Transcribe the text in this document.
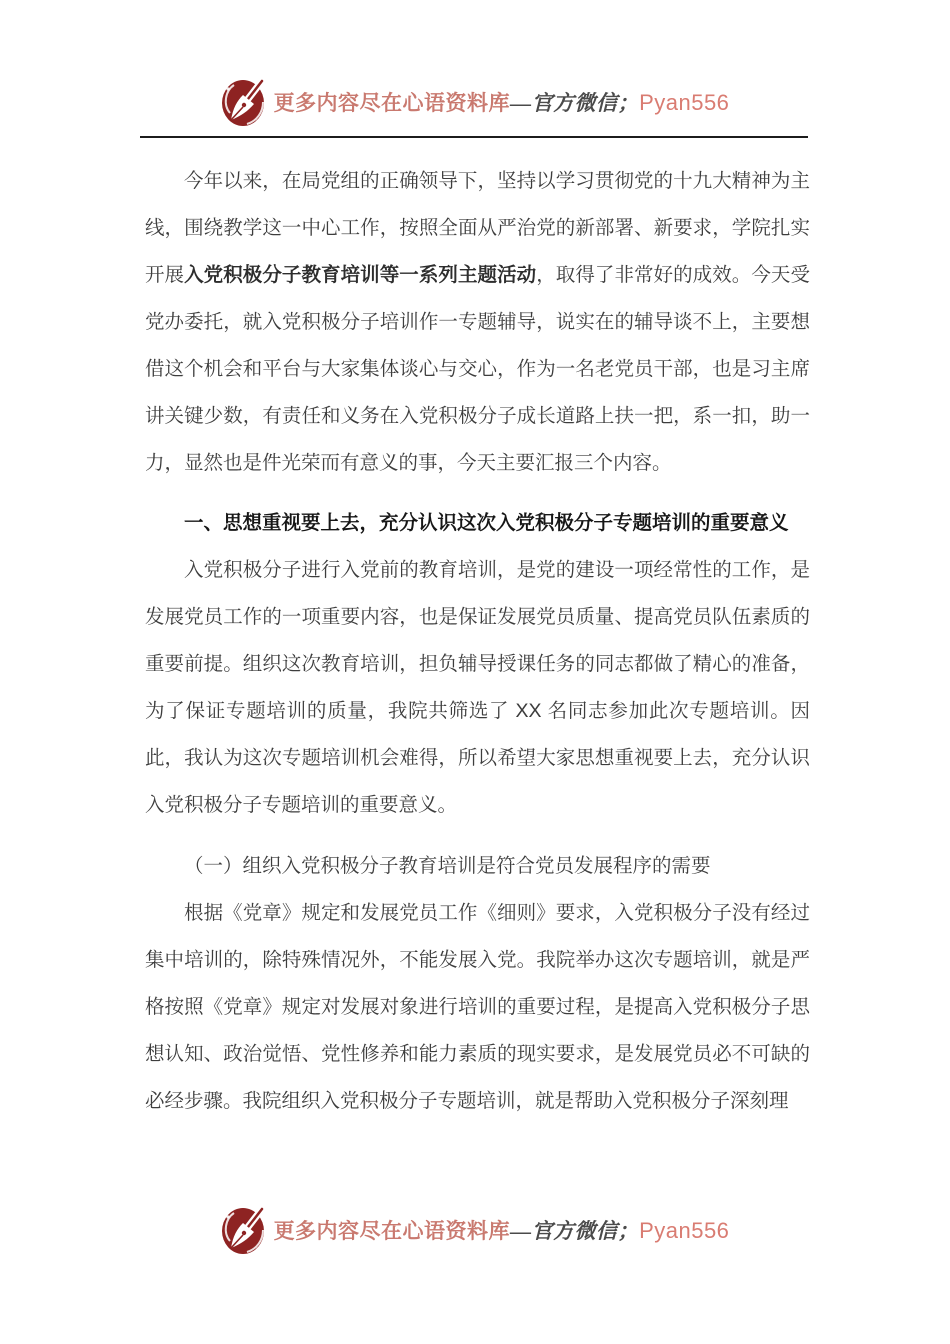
更多内容尽在心语资料库—官方微信；Pyan556

今年以来，在局党组的正确领导下，坚持以学习贯彻党的十九大精神为主线，围绕教学这一中心工作，按照全面从严治党的新部署、新要求，学院扎实开展入党积极分子教育培训等一系列主题活动，取得了非常好的成效。今天受党办委托，就入党积极分子培训作一专题辅导，说实在的辅导谈不上，主要想借这个机会和平台与大家集体谈心与交心，作为一名老党员干部，也是习主席讲关键少数，有责任和义务在入党积极分子成长道路上扶一把，系一扣，助一力，显然也是件光荣而有意义的事，今天主要汇报三个内容。

一、思想重视要上去，充分认识这次入党积极分子专题培训的重要意义

入党积极分子进行入党前的教育培训，是党的建设一项经常性的工作，是发展党员工作的一项重要内容，也是保证发展党员质量、提高党员队伍素质的重要前提。组织这次教育培训，担负辅导授课任务的同志都做了精心的准备，为了保证专题培训的质量，我院共筛选了 XX 名同志参加此次专题培训。因此，我认为这次专题培训机会难得，所以希望大家思想重视要上去，充分认识入党积极分子专题培训的重要意义。

（一）组织入党积极分子教育培训是符合党员发展程序的需要

根据《党章》规定和发展党员工作《细则》要求，入党积极分子没有经过集中培训的，除特殊情况外，不能发展入党。我院举办这次专题培训，就是严格按照《党章》规定对发展对象进行培训的重要过程，是提高入党积极分子思想认知、政治觉悟、党性修养和能力素质的现实要求，是发展党员必不可缺的必经步骤。我院组织入党积极分子专题培训，就是帮助入党积极分子深刻理

更多内容尽在心语资料库—官方微信；Pyan556
